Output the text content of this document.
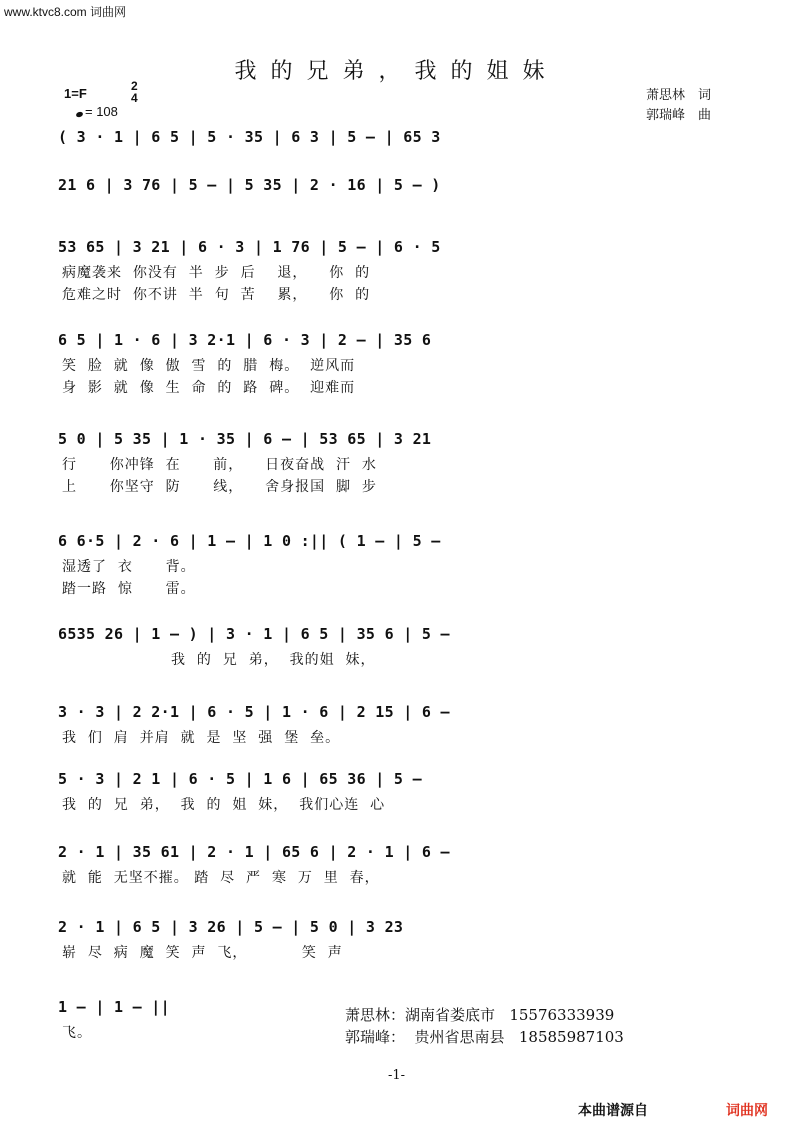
www.ktvc8.com 词曲网
我的兄弟，我的姐妹
1=F	2
4
= 108
萧思林　词
郭瑞峰　曲
( 3 · 1 | 6 5 | 5 · 35 | 6 3 | 5 – | 65 3
21 6 | 3 76 | 5 – | 5 35 | 2 · 16 | 5 – )
53 65 | 3 21 | 6 · 3 | 1 76 | 5 – | 6 · 5
病魔袭来  你没有  半  步  后    退，    你  的
危难之时  你不讲  半  句  苦    累，    你  的
6 5 | 1 · 6 | 3 2·1 | 6 · 3 | 2 – | 35 6
笑  脸  就  像  傲  雪  的  腊  梅。  逆风而
身  影  就  像  生  命  的  路  碑。  迎难而
5 0 | 5 35 | 1 · 35 | 6 – | 53 65 | 3 21
行      你冲锋  在      前，    日夜奋战  汗  水
上      你坚守  防      线，    舍身报国  脚  步
6 6·5 | 2 · 6 | 1 – | 1 0 :|| ( 1 – | 5 –
湿透了  衣      背。
踏一路  惊      雷。
6535 26 | 1 – ) | 3 · 1 | 6 5 | 35 6 | 5 –
我  的  兄  弟，  我的姐  妹，
3 · 3 | 2 2·1 | 6 · 5 | 1 · 6 | 2 15 | 6 –
我  们  肩  并肩  就  是  坚  强  堡  垒。
5 · 3 | 2 1 | 6 · 5 | 1 6 | 65 36 | 5 –
我  的  兄  弟，  我  的  姐  妹，  我们心连  心
2 · 1 | 35 61 | 2 · 1 | 65 6 | 2 · 1 | 6 –
就  能  无坚不摧。 踏  尽  严  寒  万  里  春，
2 · 1 | 6 5 | 3 26 | 5 – | 5 0 | 3 23
崭  尽  病  魔  笑  声  飞，          笑  声
1 – | 1 – ||
飞。
萧思林：湖南省娄底市 15576333939
郭瑞峰：  贵州省思南县 18585987103
-1-
本曲谱源自	词曲网
